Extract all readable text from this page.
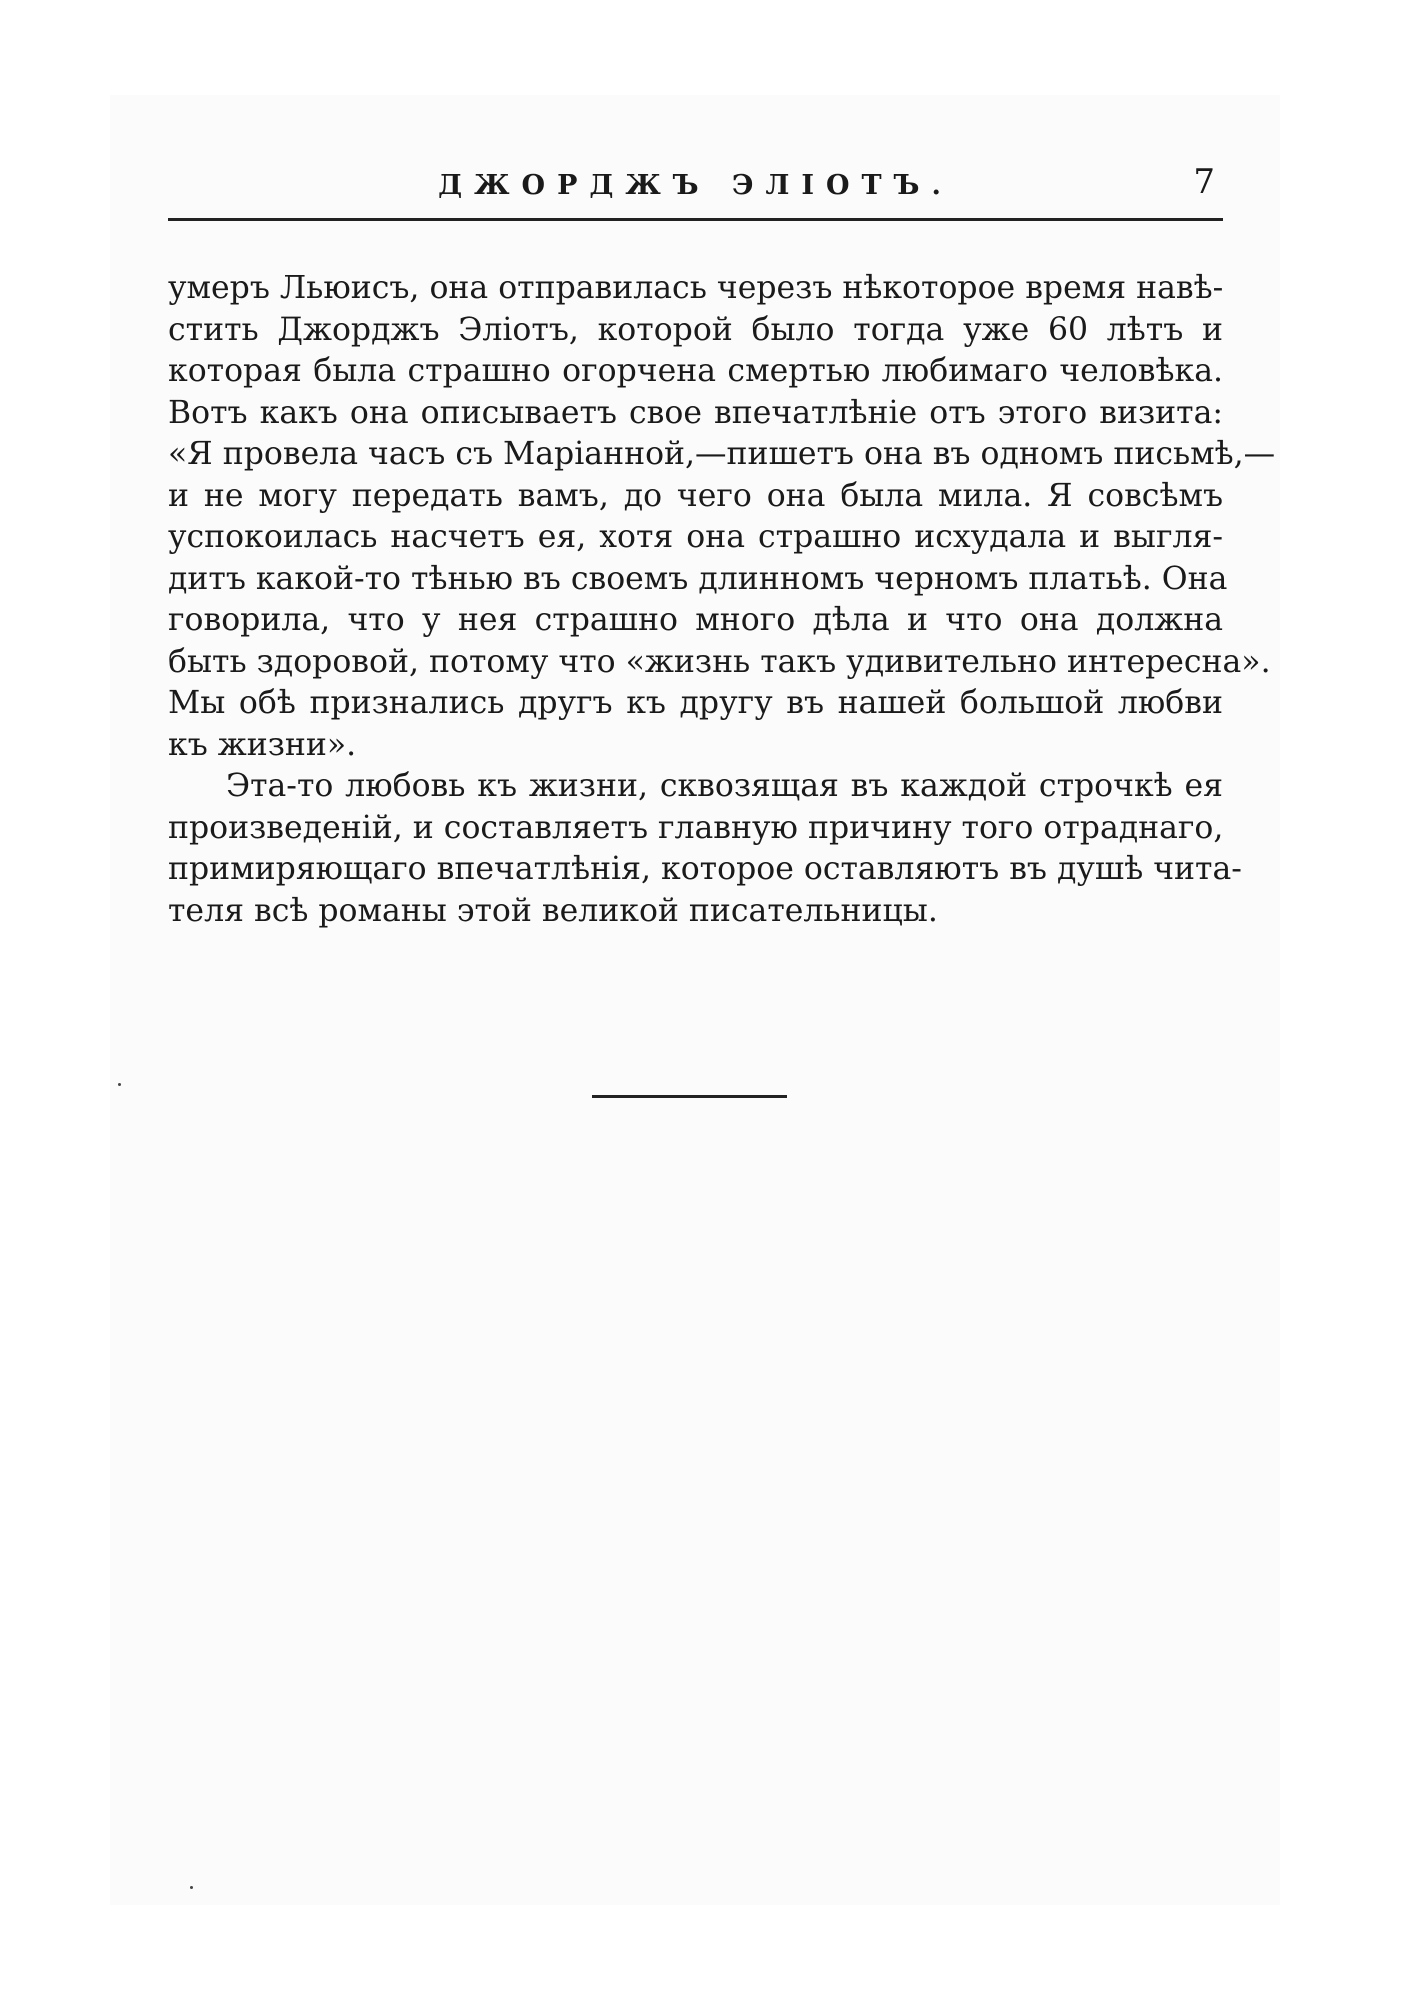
ДЖОРДЖЪ ЭЛІОТЪ.	7
умеръ Льюисъ, она отправилась черезъ нѣкоторое время навѣ-
стить Джорджъ Эліотъ, которой было тогда уже 60 лѣтъ и
которая была страшно огорчена смертью любимаго человѣка.
Вотъ какъ она описываетъ свое впечатлѣніе отъ этого визита:
«Я провела часъ съ Маріанной,—пишетъ она въ одномъ письмѣ,—
и не могу передать вамъ, до чего она была мила. Я совсѣмъ
успокоилась насчетъ ея, хотя она страшно исхудала и выгля-
дитъ какой-то тѣнью въ своемъ длинномъ черномъ платьѣ. Она
говорила, что у нея страшно много дѣла и что она должна
быть здоровой, потому что «жизнь такъ удивительно интересна».
Мы обѣ признались другъ къ другу въ нашей большой любви
къ жизни».
Эта-то любовь къ жизни, сквозящая въ каждой строчкѣ ея
произведеній, и составляетъ главную причину того отраднаго,
примиряющаго впечатлѣнія, которое оставляютъ въ душѣ чита-
теля всѣ романы этой великой писательницы.
